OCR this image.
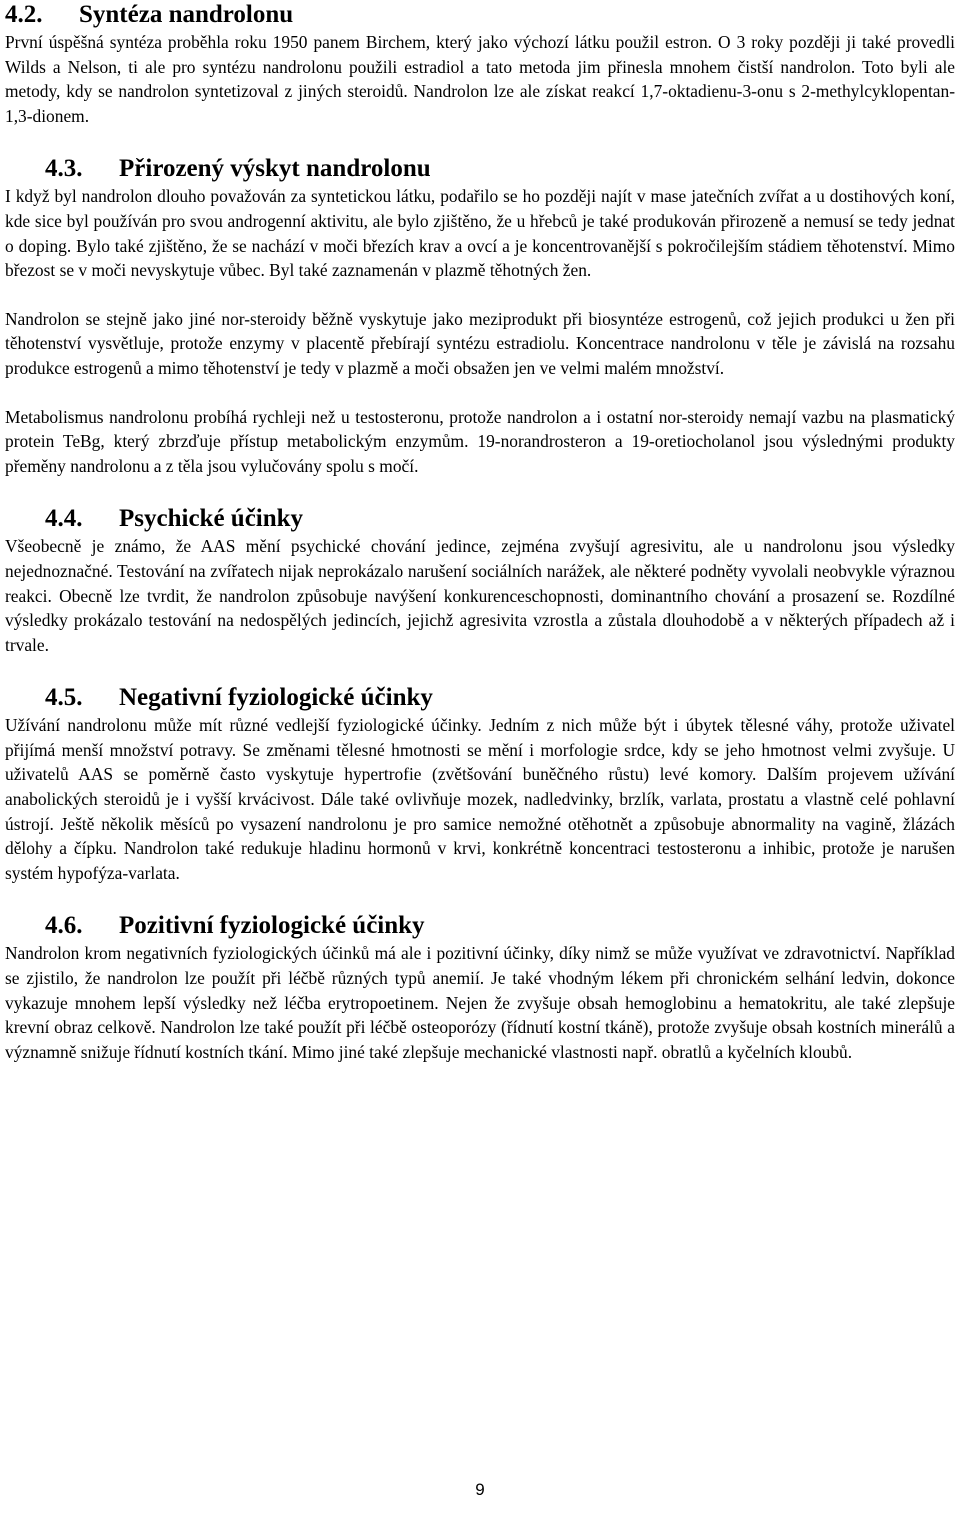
4.2.	Syntéza nandrolonu

První úspěšná syntéza proběhla roku 1950 panem Birchem, který jako výchozí látku použil estron. O 3 roky později ji také provedli Wilds a Nelson, ti ale pro syntézu nandrolonu použili estradiol a tato metoda jim přinesla mnohem čistší nandrolon. Toto byli ale metody, kdy se nandrolon syntetizoval z jiných steroidů. Nandrolon lze ale získat reakcí 1,7-oktadienu-3-onu s 2-methylcyklopentan-1,3-dionem.

4.3.	Přirozený výskyt nandrolonu

I když byl nandrolon dlouho považován za syntetickou látku, podařilo se ho později najít v mase jatečních zvířat a u dostihových koní, kde sice byl používán pro svou androgenní aktivitu, ale bylo zjištěno, že u hřebců je také produkován přirozeně a nemusí se tedy jednat o doping. Bylo také zjištěno, že se nachází v moči březích krav a ovcí a je koncentrovanější s pokročilejším stádiem těhotenství. Mimo březost se v moči nevyskytuje vůbec. Byl také zaznamenán v plazmě těhotných žen.

Nandrolon se stejně jako jiné nor-steroidy běžně vyskytuje jako meziprodukt při biosyntéze estrogenů, což jejich produkci u žen při těhotenství vysvětluje, protože enzymy v placentě přebírají syntézu estradiolu. Koncentrace nandrolonu v těle je závislá na rozsahu produkce estrogenů a mimo těhotenství je tedy v plazmě a moči obsažen jen ve velmi malém množství.

Metabolismus nandrolonu probíhá rychleji než u testosteronu, protože nandrolon a i ostatní nor-steroidy nemají vazbu na plasmatický protein TeBg, který zbrzďuje přístup metabolickým enzymům. 19-norandrosteron a 19-oretiocholanol jsou výslednými produkty přeměny nandrolonu a z těla jsou vylučovány spolu s močí.

4.4.	Psychické účinky

Všeobecně je známo, že AAS mění psychické chování jedince, zejména zvyšují agresivitu, ale u nandrolonu jsou výsledky nejednoznačné. Testování na zvířatech nijak neprokázalo narušení sociálních narážek, ale některé podněty vyvolali neobvykle výraznou reakci. Obecně lze tvrdit, že nandrolon způsobuje navýšení konkurenceschopnosti, dominantního chování a prosazení se. Rozdílné výsledky prokázalo testování na nedospělých jedincích, jejichž agresivita vzrostla a zůstala dlouhodobě a v některých případech až i trvale.

4.5.	Negativní fyziologické účinky

Užívání nandrolonu může mít různé vedlejší fyziologické účinky. Jedním z nich může být i úbytek tělesné váhy, protože uživatel přijímá menší množství potravy. Se změnami tělesné hmotnosti se mění i morfologie srdce, kdy se jeho hmotnost velmi zvyšuje. U uživatelů AAS se poměrně často vyskytuje hypertrofie (zvětšování buněčného růstu) levé komory. Dalším projevem užívání anabolických steroidů je i vyšší krvácivost. Dále také ovlivňuje mozek, nadledvinky, brzlík, varlata, prostatu a vlastně celé pohlavní ústrojí. Ještě několik měsíců po vysazení nandrolonu je pro samice nemožné otěhotnět a způsobuje abnormality na vagině, žlázách dělohy a čípku. Nandrolon také redukuje hladinu hormonů v krvi, konkrétně koncentraci testosteronu a inhibic, protože je narušen systém hypofýza-varlata.

4.6.	Pozitivní fyziologické účinky

Nandrolon krom negativních fyziologických účinků má ale i pozitivní účinky, díky nimž se může využívat ve zdravotnictví. Například se zjistilo, že nandrolon lze použít při léčbě různých typů anemií. Je také vhodným lékem při chronickém selhání ledvin, dokonce vykazuje mnohem lepší výsledky než léčba erytropoetinem. Nejen že zvyšuje obsah hemoglobinu a hematokritu, ale také zlepšuje krevní obraz celkově. Nandrolon lze také použít při léčbě osteoporózy (řídnutí kostní tkáně), protože zvyšuje obsah kostních minerálů a významně snižuje řídnutí kostních tkání. Mimo jiné také zlepšuje mechanické vlastnosti např. obratlů a kyčelních kloubů.

9
